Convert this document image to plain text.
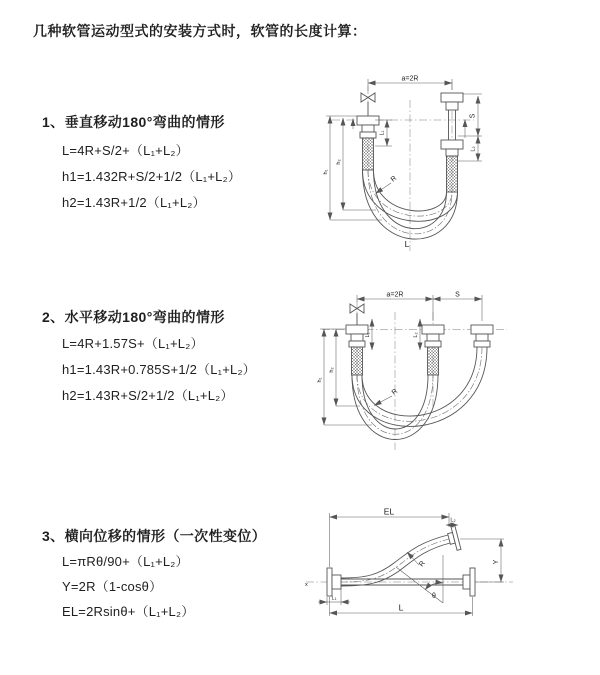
几种软管运动型式的安装方式时，软管的长度计算：
1、垂直移动180°弯曲的情形
L=4R+S/2+（L₁+L₂）
h1=1.432R+S/2+1/2（L₁+L₂）
h2=1.43R+1/2（L₁+L₂）
2、水平移动180°弯曲的情形
L=4R+1.57S+（L₁+L₂）
h1=1.43R+0.785S+1/2（L₁+L₂）
h2=1.43R+S/2+1/2（L₁+L₂）
3、横向位移的情形（一次性变位）
L=πRθ/90+（L₁+L₂）
Y=2R（1-cosθ）
EL=2Rsinθ+（L₁+L₂）
a=2R
S
L₂
L₁
h₁
h₂
R
L
a=2R	S
h₁
h₂
L₁	L₂
R
x
θ
R
EL
L₂
Y
L
L₁
